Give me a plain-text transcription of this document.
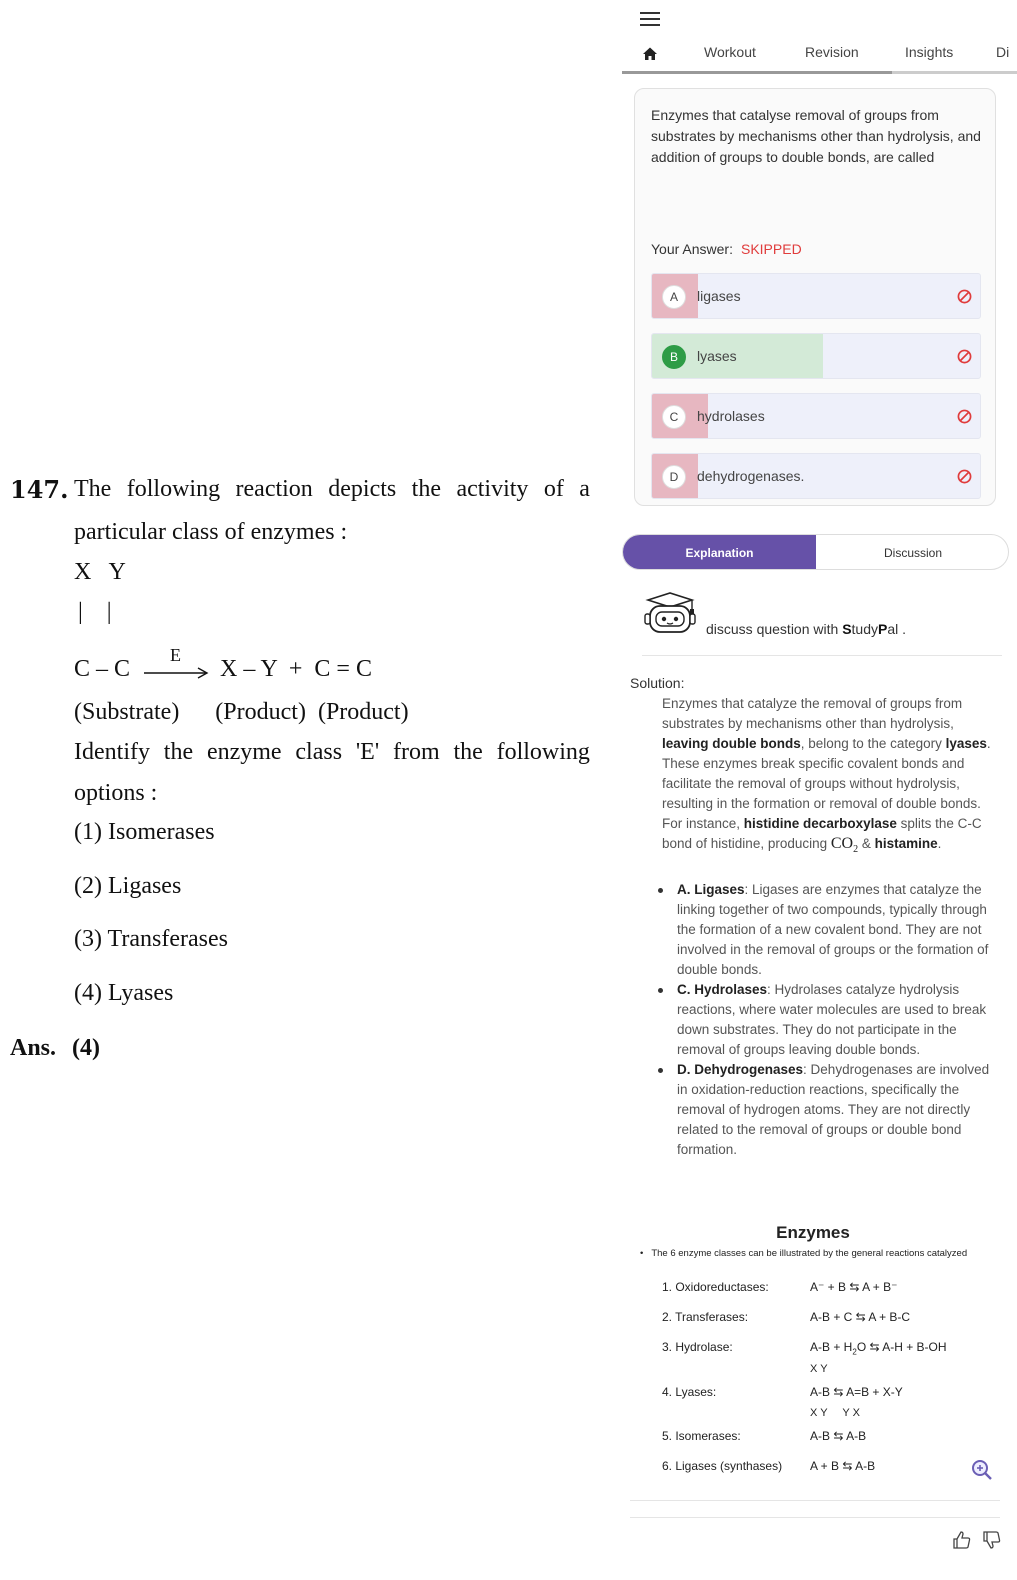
147. The following reaction depicts the activity of a
particular class of enzymes :
X   Y
|    |
C – C
E
X – Y  +  C = C
(Substrate)      (Product)  (Product)
Identify the enzyme class 'E' from the following
options :
(1) Isomerases
(2) Ligases
(3) Transferases
(4) Lyases
Ans. (4)
Workout	Revision	Insights	Di
Enzymes that catalyse removal of groups from substrates by mechanisms other than hydrolysis, and addition of groups to double bonds, are called
Your Answer: SKIPPED
A	ligases
B	lyases
C	hydrolases
D	dehydrogenases.
Explanation	Discussion
discuss question with StudyPal .
Solution:
Enzymes that catalyze the removal of groups from substrates by mechanisms other than hydrolysis, leaving double bonds, belong to the category lyases. These enzymes break specific covalent bonds and facilitate the removal of groups without hydrolysis, resulting in the formation or removal of double bonds. For instance, histidine decarboxylase splits the C-C bond of histidine, producing $CO_2$ & histamine.
A. Ligases: Ligases are enzymes that catalyze the linking together of two compounds, typically through the formation of a new covalent bond. They are not involved in the removal of groups or the formation of double bonds.
C. Hydrolases: Hydrolases catalyze hydrolysis reactions, where water molecules are used to break down substrates. They do not participate in the removal of groups leaving double bonds.
D. Dehydrogenases: Dehydrogenases are involved in oxidation-reduction reactions, specifically the removal of hydrogen atoms. They are not directly related to the removal of groups or double bond formation.
Enzymes
• The 6 enzyme classes can be illustrated by the general reactions catalyzed
1. Oxidoreductases:	A⁻ + B ⇆ A + B⁻
2. Transferases:	A-B + C ⇆ A + B-C
3. Hydrolase:	$A-B + H_2O$ ⇆ A-H + B-OH
X Y
4. Lyases:	A-B ⇆ A=B + X-Y
X Y     Y X
5. Isomerases:	A-B ⇆ A-B
6. Ligases (synthases) A + B ⇆ A-B
